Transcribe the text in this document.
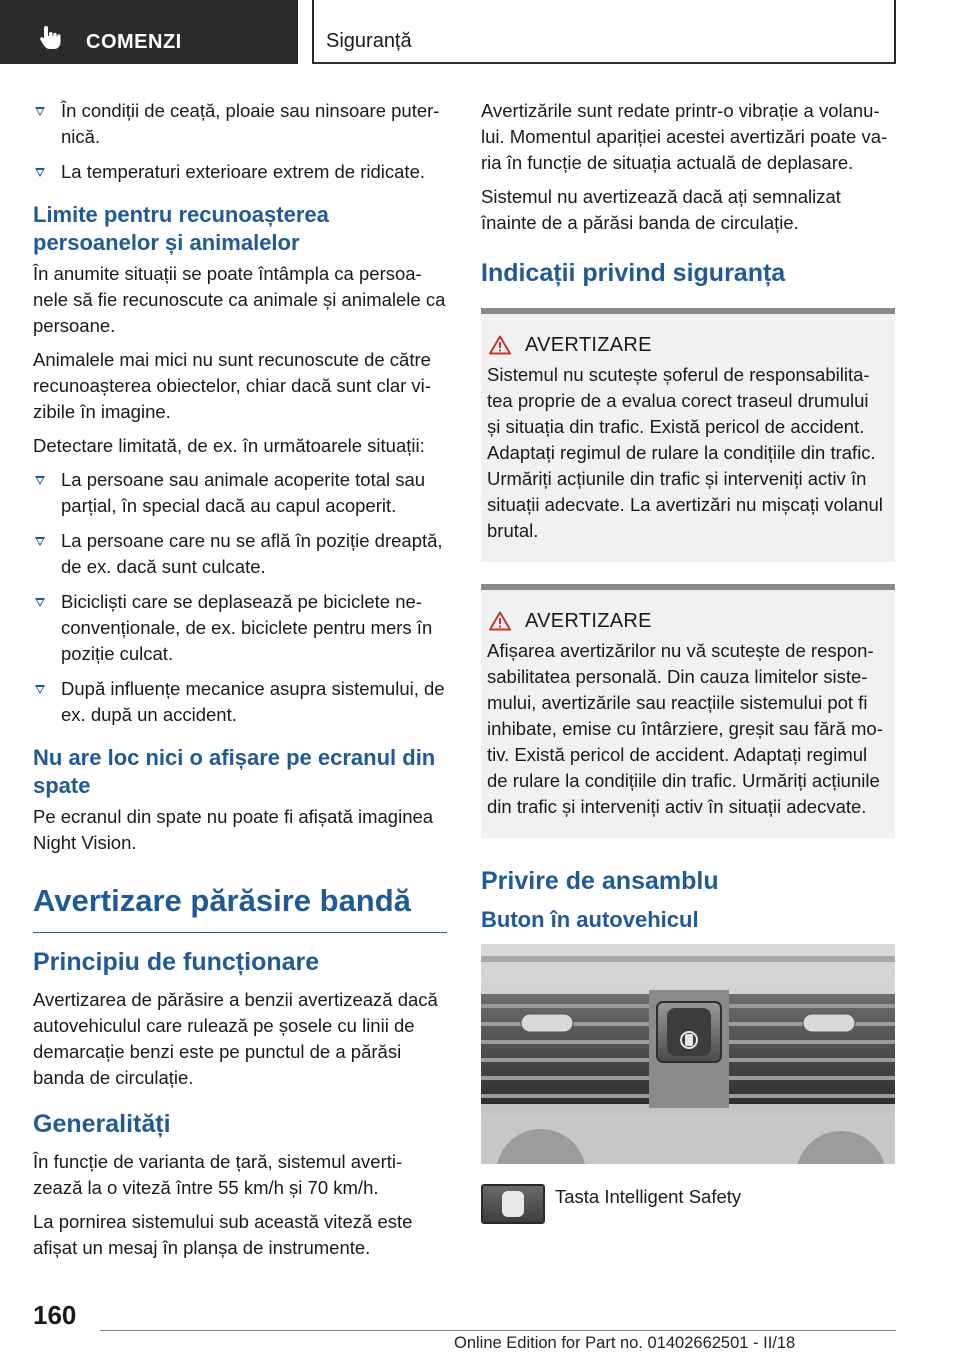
COMENZI	Siguranță
În condiții de ceață, ploaie sau ninsoare puter-nică.
La temperaturi exterioare extrem de ridicate.
Limite pentru recunoașterea persoanelor și animalelor

În anumite situații se poate întâmpla ca persoa-nele să fie recunoscute ca animale și animalele ca persoane.

Animalele mai mici nu sunt recunoscute de către recunoașterea obiectelor, chiar dacă sunt clar vi-zibile în imagine.

Detectare limitată, de ex. în următoarele situații:

La persoane sau animale acoperite total sau parțial, în special dacă au capul acoperit.
La persoane care nu se află în poziție dreaptă, de ex. dacă sunt culcate.
Bicicliști care se deplasează pe biciclete ne-convenționale, de ex. biciclete pentru mers în poziție culcat.
După influențe mecanice asupra sistemului, de ex. după un accident.
Nu are loc nici o afișare pe ecranul din spate

Pe ecranul din spate nu poate fi afișată imaginea Night Vision.

Avertizare părăsire bandă
Principiu de funcționare

Avertizarea de părăsire a benzii avertizează dacă autovehiculul care rulează pe șosele cu linii de demarcație benzi este pe punctul de a părăsi banda de circulație.

Generalități

În funcție de varianta de țară, sistemul averti-zează la o viteză între 55 km/h și 70 km/h.

La pornirea sistemului sub această viteză este afișat un mesaj în planșa de instrumente.

Avertizările sunt redate printr-o vibrație a volanu-lui. Momentul apariției acestei avertizări poate va-ria în funcție de situația actuală de deplasare.

Sistemul nu avertizează dacă ați semnalizat înainte de a părăsi banda de circulație.

Indicații privind siguranța
AVERTIZARE

Sistemul nu scutește șoferul de responsabilita-tea proprie de a evalua corect traseul drumului și situația din trafic. Există pericol de accident. Adaptați regimul de rulare la condițiile din trafic. Urmăriți acțiunile din trafic și interveniți activ în situații adecvate. La avertizări nu mișcați volanul brutal.

AVERTIZARE

Afișarea avertizărilor nu vă scutește de respon-sabilitatea personală. Din cauza limitelor siste-mului, avertizările sau reacțiile sistemului pot fi inhibate, emise cu întârziere, greșit sau fără mo-tiv. Există pericol de accident. Adaptați regimul de rulare la condițiile din trafic. Urmăriți acțiunile din trafic și interveniți activ în situații adecvate.

Privire de ansamblu
Buton în autovehicul
Tasta Intelligent Safety
160
Online Edition for Part no. 01402662501 - II/18
